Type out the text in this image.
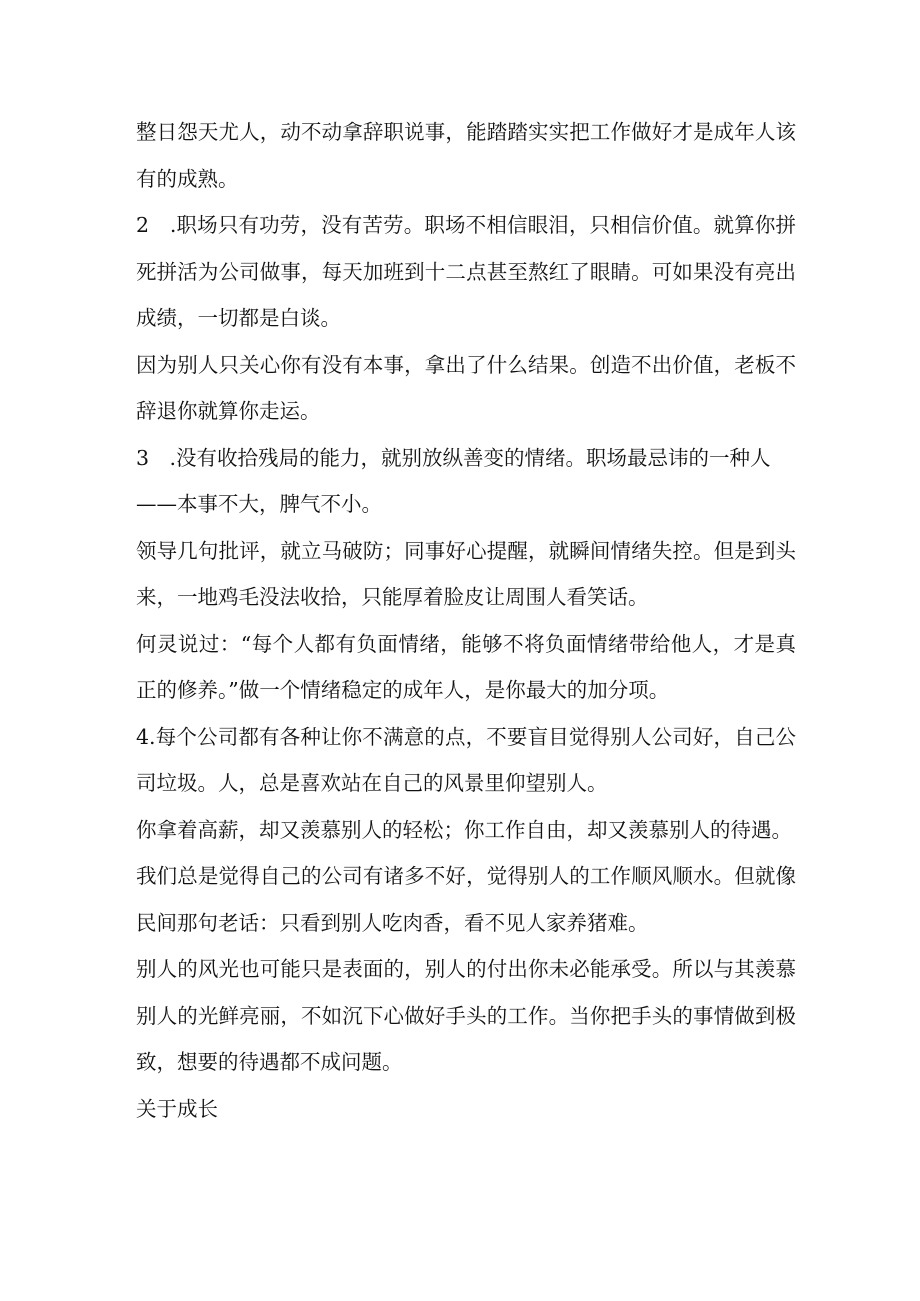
整日怨天尤人，动不动拿辞职说事，能踏踏实实把工作做好才是成年人该有的成熟。

2　.职场只有功劳，没有苦劳。职场不相信眼泪，只相信价值。就算你拼死拼活为公司做事，每天加班到十二点甚至熬红了眼睛。可如果没有亮出成绩，一切都是白谈。

因为别人只关心你有没有本事，拿出了什么结果。创造不出价值，老板不辞退你就算你走运。

3　.没有收拾残局的能力，就别放纵善变的情绪。职场最忌讳的一种人

——本事不大，脾气不小。

领导几句批评，就立马破防；同事好心提醒，就瞬间情绪失控。但是到头来，一地鸡毛没法收拾，只能厚着脸皮让周围人看笑话。

何灵说过：“每个人都有负面情绪，能够不将负面情绪带给他人，才是真正的修养。”做一个情绪稳定的成年人，是你最大的加分项。

4.每个公司都有各种让你不满意的点，不要盲目觉得别人公司好，自己公司垃圾。人，总是喜欢站在自己的风景里仰望别人。

你拿着高薪，却又羡慕别人的轻松；你工作自由，却又羡慕别人的待遇。

我们总是觉得自己的公司有诸多不好，觉得别人的工作顺风顺水。但就像民间那句老话：只看到别人吃肉香，看不见人家养猪难。

别人的风光也可能只是表面的，别人的付出你未必能承受。所以与其羡慕别人的光鲜亮丽，不如沉下心做好手头的工作。当你把手头的事情做到极致，想要的待遇都不成问题。

关于成长
